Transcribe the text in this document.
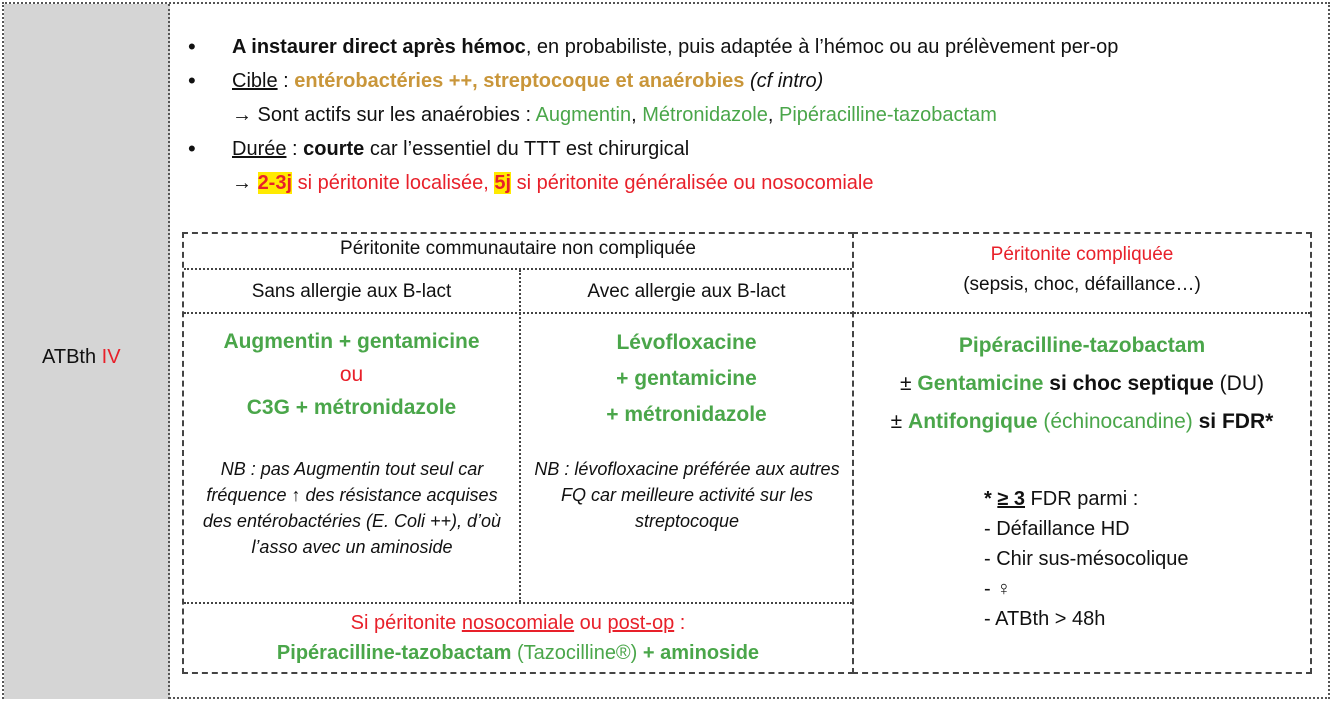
ATBth IV
• A instaurer direct après hémoc, en probabiliste, puis adaptée à l’hémoc ou au prélèvement per-op
• Cible : entérobactéries ++, streptocoque et anaérobies (cf intro)
→ Sont actifs sur les anaérobies : Augmentin, Métronidazole, Pipéracilline-tazobactam
• Durée : courte car l’essentiel du TTT est chirurgical
→ 2-3j si péritonite localisée, 5j si péritonite généralisée ou nosocomiale
Péritonite communautaire non compliquée
Sans allergie aux B-lact	Avec allergie aux B-lact
Péritonite compliquée
(sepsis, choc, défaillance…)
Augmentin + gentamicine
ou
C3G + métronidazole
NB : pas Augmentin tout seul car fréquence ↑ des résistance acquises des entérobactéries (E. Coli ++), d’où l’asso avec un aminoside
Lévofloxacine
+ gentamicine
+ métronidazole
NB : lévofloxacine préférée aux autres FQ car meilleure activité sur les streptocoque
Si péritonite nosocomiale ou post-op :
Pipéracilline-tazobactam (Tazocilline®) + aminoside
Pipéracilline-tazobactam
± Gentamicine si choc septique (DU)
± Antifongique (échinocandine) si FDR*
* ≥ 3 FDR parmi :
- Défaillance HD
- Chir sus-mésocolique
- ♀
- ATBth > 48h
